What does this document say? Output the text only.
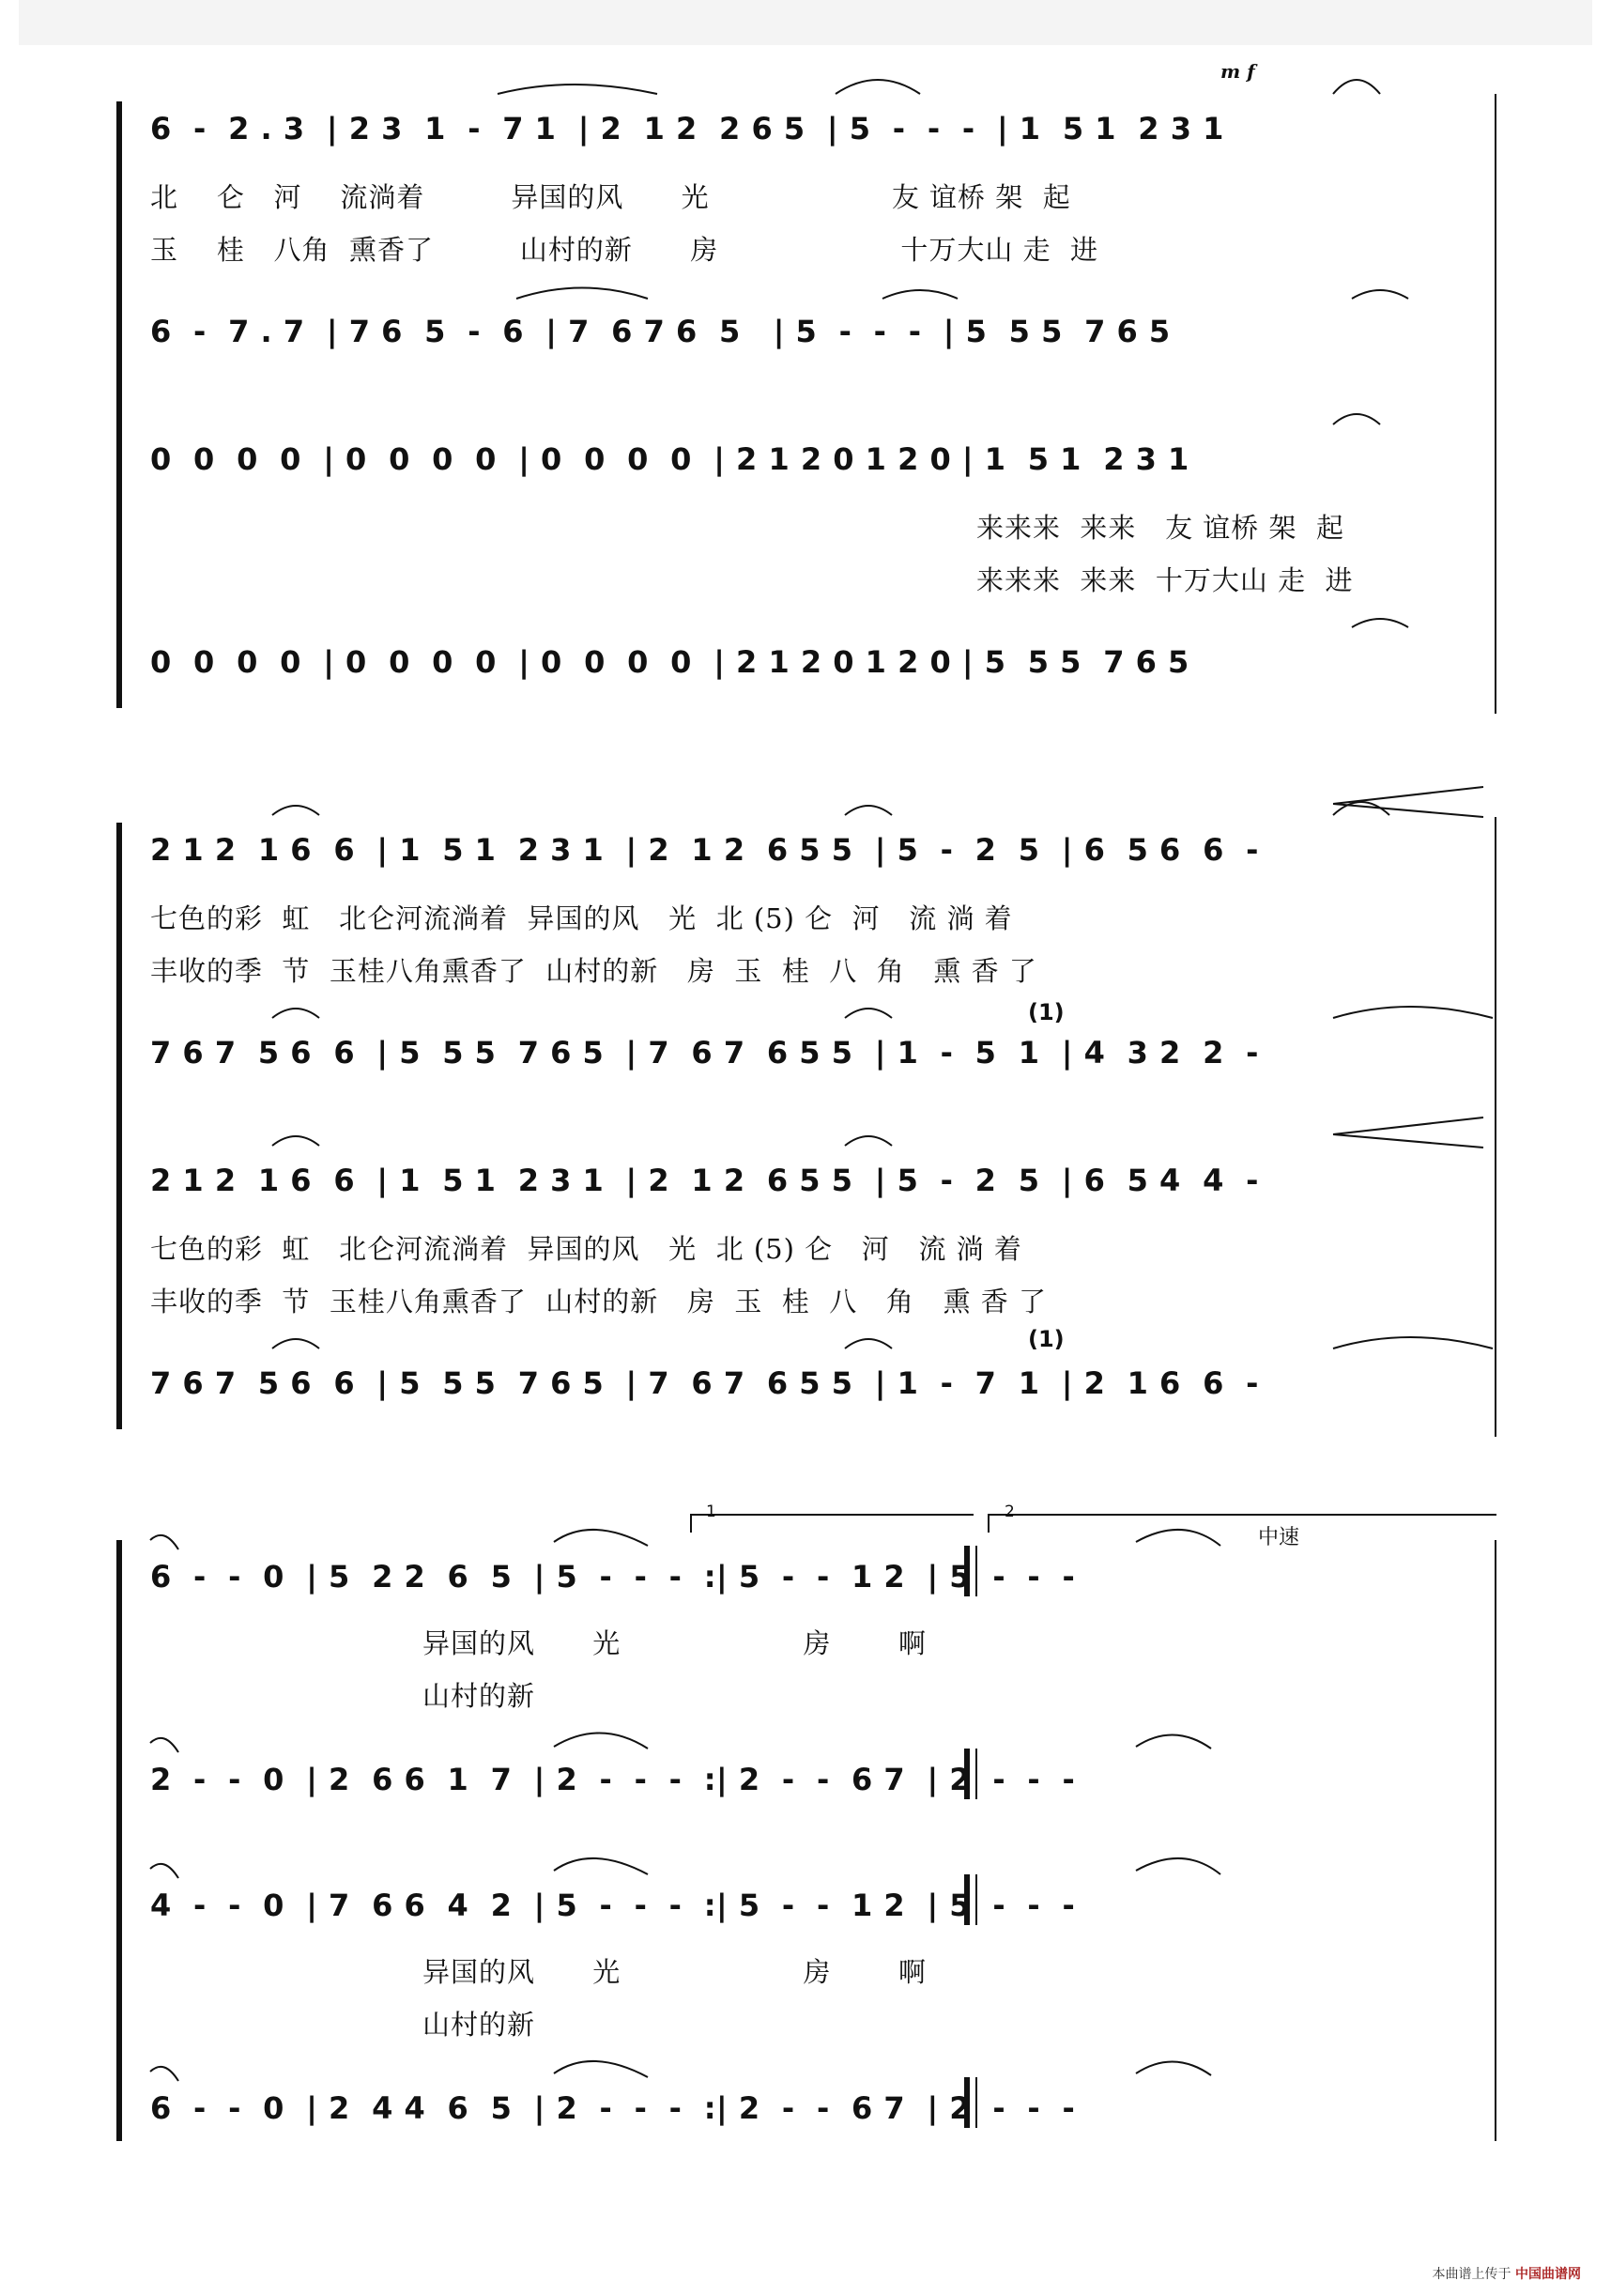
m f
6  -  2 . 3  | 2 3  1  -  7 1  | 2  1 2  2 6 5  | 5  -  -  -  | 1  5 1  2 3 1
北    仑   河    流淌着         异国的风      光                   友 谊桥 架  起
玉    桂   八角  熏香了         山村的新      房                   十万大山 走  进
6  -  7 . 7  | 7 6  5  -  6  | 7  6 7 6  5   | 5  -  -  -  | 5  5 5  7 6 5
0  0  0  0  | 0  0  0  0  | 0  0  0  0  | 2 1 2 0 1 2 0 | 1  5 1  2 3 1
来来来  来来   友 谊桥 架  起
来来来  来来  十万大山 走  进
0  0  0  0  | 0  0  0  0  | 0  0  0  0  | 2 1 2 0 1 2 0 | 5  5 5  7 6 5
(1)
(1)
2 1 2  1 6  6  | 1  5 1  2 3 1  | 2  1 2  6 5 5  | 5  -  2  5  | 6  5 6  6  -
七色的彩  虹   北仑河流淌着  异国的风   光  北 (5) 仑  河   流 淌 着
丰收的季  节  玉桂八角熏香了  山村的新   房  玉  桂  八  角   熏 香 了
7 6 7  5 6  6  | 5  5 5  7 6 5  | 7  6 7  6 5 5  | 1  -  5  1  | 4  3 2  2  -
2 1 2  1 6  6  | 1  5 1  2 3 1  | 2  1 2  6 5 5  | 5  -  2  5  | 6  5 4  4  -
七色的彩  虹   北仑河流淌着  异国的风   光  北 (5) 仑   河   流 淌 着
丰收的季  节  玉桂八角熏香了  山村的新   房  玉  桂  八   角   熏 香 了
7 6 7  5 6  6  | 5  5 5  7 6 5  | 7  6 7  6 5 5  | 1  -  7  1  | 2  1 6  6  -
1	2
中速
6  -  -  0  | 5  2 2  6  5  | 5  -  -  -  :| 5  -  -  1 2  | 5  -  -  -
异国的风      光                   房       啊
山村的新
2  -  -  0  | 2  6 6  1  7  | 2  -  -  -  :| 2  -  -  6 7  | 2  -  -  -
4  -  -  0  | 7  6 6  4  2  | 5  -  -  -  :| 5  -  -  1 2  | 5  -  -  -
异国的风      光                   房       啊
山村的新
6  -  -  0  | 2  4 4  6  5  | 2  -  -  -  :| 2  -  -  6 7  | 2  -  -  -
本曲谱上传于 中国曲谱网
